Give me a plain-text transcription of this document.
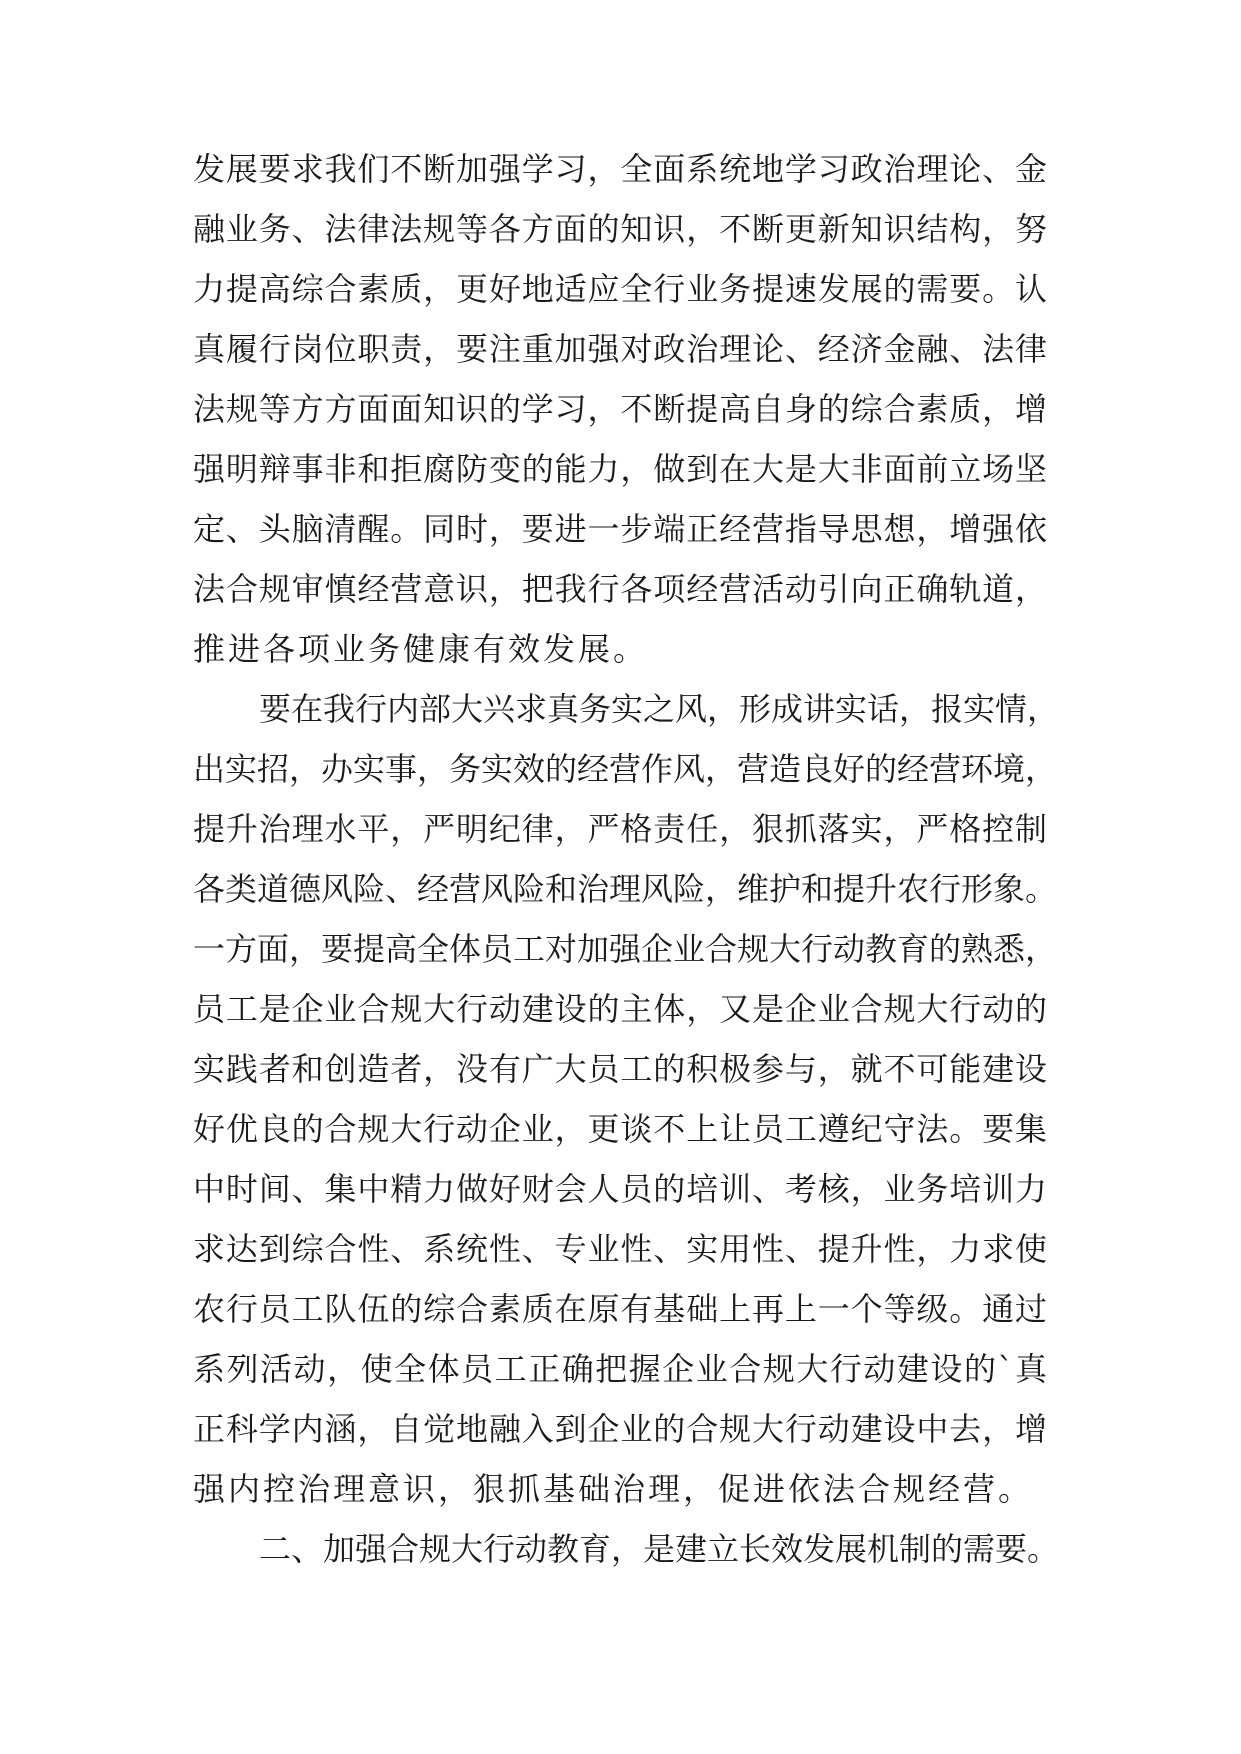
发展要求我们不断加强学习，全面系统地学习政治理论、金
融业务、法律法规等各方面的知识，不断更新知识结构，努
力提高综合素质，更好地适应全行业务提速发展的需要。认
真履行岗位职责，要注重加强对政治理论、经济金融、法律
法规等方方面面知识的学习，不断提高自身的综合素质，增
强明辩事非和拒腐防变的能力，做到在大是大非面前立场坚
定、头脑清醒。同时，要进一步端正经营指导思想，增强依
法合规审慎经营意识，把我行各项经营活动引向正确轨道，
推进各项业务健康有效发展。
要在我行内部大兴求真务实之风，形成讲实话，报实情，
出实招，办实事，务实效的经营作风，营造良好的经营环境，
提升治理水平，严明纪律，严格责任，狠抓落实，严格控制
各类道德风险、经营风险和治理风险，维护和提升农行形象。
一方面，要提高全体员工对加强企业合规大行动教育的熟悉，
员工是企业合规大行动建设的主体，又是企业合规大行动的
实践者和创造者，没有广大员工的积极参与，就不可能建设
好优良的合规大行动企业，更谈不上让员工遵纪守法。要集
中时间、集中精力做好财会人员的培训、考核，业务培训力
求达到综合性、系统性、专业性、实用性、提升性，力求使
农行员工队伍的综合素质在原有基础上再上一个等级。通过
系列活动，使全体员工正确把握企业合规大行动建设的`真
正科学内涵，自觉地融入到企业的合规大行动建设中去，增
强内控治理意识，狠抓基础治理，促进依法合规经营。
二、加强合规大行动教育，是建立长效发展机制的需要。
